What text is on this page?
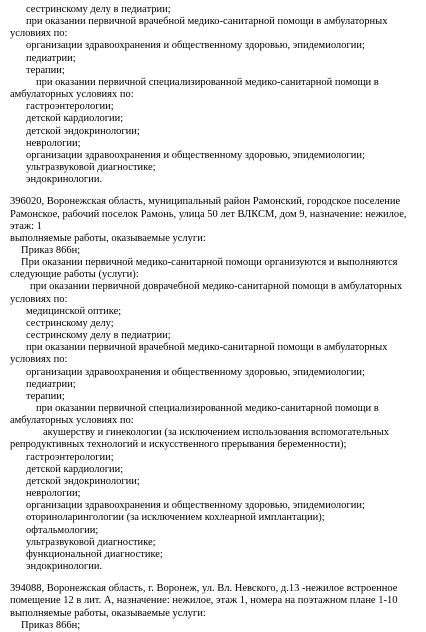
сестринскому делу в педиатрии;
при оказании первичной врачебной медико-санитарной помощи в амбулаторных
условиях по:
организации здравоохранения и общественному здоровью, эпидемиологии;
педиатрии;
терапии;
при оказании первичной специализированной медико-санитарной помощи в
амбулаторных условиях по:
гастроэнтерологии;
детской кардиологии;
детской эндокринологии;
неврологии;
организации здравоохранения и общественному здоровью, эпидемиологии;
ультразвуковой диагностике;
эндокринологии.
396020, Воронежская область, муниципальный район Рамонский, городское поселение
Рамонское, рабочий поселок Рамонь, улица 50 лет ВЛКСМ, дом 9, назначение: нежилое,
этаж: 1
выполняемые работы, оказываемые услуги:
Приказ 866н;
При оказании первичной медико-санитарной помощи организуются и выполняются
следующие работы (услуги):
при оказании первичной доврачебной медико-санитарной помощи в амбулаторных
условиях по:
медицинской оптике;
сестринскому делу;
сестринскому делу в педиатрии;
при оказании первичной врачебной медико-санитарной помощи в амбулаторных
условиях по:
организации здравоохранения и общественному здоровью, эпидемиологии;
педиатрии;
терапии;
при оказании первичной специализированной медико-санитарной помощи в
амбулаторных условиях по:
акушерству и гинекологии (за исключением использования вспомогательных
репродуктивных технологий и искусственного прерывания беременности);
гастроэнтерологии;
детской кардиологии;
детской эндокринологии;
неврологии;
организации здравоохранения и общественному здоровью, эпидемиологии;
оториноларингологии (за исключением кохлеарной имплантации);
офтальмологии;
ультразвуковой диагностике;
функциональной диагностике;
эндокринологии.
394088, Воронежская область, г. Воронеж, ул. Вл. Невского, д.13 -нежилое встроенное
помещение 12 в лит. А, назначение: нежилое, этаж 1, номера на поэтажном плане 1-10
выполняемые работы, оказываемые услуги:
Приказ 866н;
